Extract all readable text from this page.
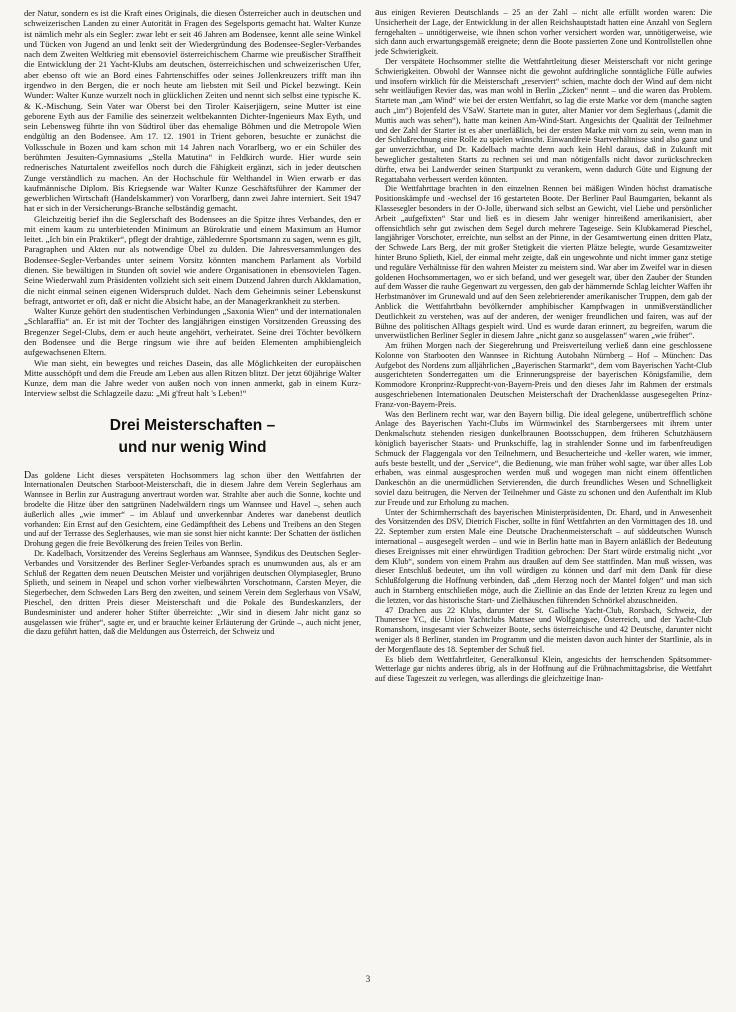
der Natur, sondern es ist die Kraft eines Originals, die diesen Österreicher auch in deutschen und schweizerischen Landen zu einer Autorität in Fragen des Segelsports gemacht hat. Walter Kunze ist nämlich mehr als ein Segler: zwar lebt er seit 46 Jahren am Bodensee, kennt alle seine Winkel und Tücken von Jugend an und lenkt seit der Wiedergründung des Bodensee-Segler-Verbandes nach dem Zweiten Weltkrieg mit ebensoviel österreichischem Charme wie preußischer Straffheit die Entwicklung der 21 Yacht-Klubs am deutschen, österreichischen und schweizerischen Ufer, aber ebenso oft wie an Bord eines Fahrtenschiffes oder seines Jollenkreuzers trifft man ihn irgendwo in den Bergen, die er noch heute am liebsten mit Seil und Pickel bezwingt. Kein Wunder: Walter Kunze wurzelt noch in glücklichen Zeiten und nennt sich selbst eine typische K. & K.-Mischung. Sein Vater war Oberst bei den Tiroler Kaiserjägern, seine Mutter ist eine geborene Eyth aus der Familie des seinerzeit weltbekannten Dichter-Ingenieurs Max Eyth, und sein Lebensweg führte ihn von Südtirol über das ehemalige Böhmen und die Metropole Wien endgültig an den Bodensee. Am 17. 12. 1901 in Trient geboren, besuchte er zunächst die Volksschule in Bozen und kam schon mit 14 Jahren nach Vorarlberg, wo er ein Schüler des berühmten Jesuiten-Gymnasiums „Stella Matutina“ in Feldkirch wurde. Hier wurde sein rednerisches Naturtalent zweifellos noch durch die Fähigkeit ergänzt, sich in jeder deutschen Zunge verständlich zu machen. An der Hochschule für Welthandel in Wien erwarb er das kaufmännische Diplom. Bis Kriegsende war Walter Kunze Geschäftsführer der Kammer der gewerblichen Wirtschaft (Handelskammer) von Vorarlberg, dann zwei Jahre interniert. Seit 1947 hat er sich in der Versicherungs-Branche selbständig gemacht.

Gleichzeitig berief ihn die Seglerschaft des Bodensees an die Spitze ihres Verbandes, den er mit einem kaum zu unterbietenden Minimum an Bürokratie und einem Maximum an Humor leitet. „Ich bin ein Praktiker“, pflegt der drahtige, zähledernre Sportsmann zu sagen, wenn es gilt, Paragraphen und Akten nur als notwendige Übel zu dulden. Die Jahresversammlungen des Bodensee-Segler-Verbandes unter seinem Vorsitz könnten manchem Parlament als Vorbild dienen. Sie bewältigen in Stunden oft soviel wie andere Organisationen in ebensovielen Tagen. Seine Wiederwahl zum Präsidenten vollzieht sich seit einem Dutzend Jahren durch Akklamation, die nicht einmal seinen eigenen Widerspruch duldet. Nach dem Geheimnis seiner Lebenskunst befragt, antwortet er oft, daß er nicht die Absicht habe, an der Managerkrankheit zu sterben.

Walter Kunze gehört den studentischen Verbindungen „Saxonia Wien“ und der internationalen „Schlaraffia“ an. Er ist mit der Tochter des langjährigen einstigen Vorsitzenden Greussing des Bregenzer Segel-Clubs, dem er auch heute angehört, verheiratet. Seine drei Töchter bevölkern den Bodensee und die Berge ringsum wie ihre auf beiden Elementen amphibiengleich aufgewachsenen Eltern.

Wie man sieht, ein bewegtes und reiches Dasein, das alle Möglichkeiten der europäischen Mitte ausschöpft und dem die Freude am Leben aus allen Ritzen blitzt. Der jetzt 60jährige Walter Kunze, dem man die Jahre weder von außen noch von innen anmerkt, gab in einem Kurz-Interview selbst die Schlagzeile dazu: „Mi g'freut halt 's Leben!“

Drei Meisterschaften –
und nur wenig Wind

Das goldene Licht dieses verspäteten Hochsommers lag schon über den Wettfahrten der Internationalen Deutschen Starboot-Meisterschaft, die in diesem Jahre dem Verein Seglerhaus am Wannsee in Berlin zur Austragung anvertraut worden war. Strahlte aber auch die Sonne, kochte und brodelte die Hitze über den sattgrünen Nadelwäldern rings um Wannsee und Havel –, sehen auch äußerlich alles „wie immer“ – im Ablauf und unverkennbar Anderes war danebenst deutlich vorhanden: Ein Ernst auf den Gesichtern, eine Gedämpftheit des Lebens und Treibens an den Stegen und auf der Terrasse des Seglerhauses, wie man sie sonst hier nicht kannte: Der Schatten der östlichen Drohung gegen die freie Bevölkerung des freien Teiles von Berlin.

Dr. Kadelbach, Vorsitzender des Vereins Seglerhaus am Wannsee, Syndikus des Deutschen Segler-Verbandes und Vorsitzender des Berliner Segler-Verbandes sprach es unumwunden aus, als er am Schluß der Regatten dem neuen Deutschen Meister und vorjährigen deutschen Olympiasegler, Bruno Splieth, und seinem in Neapel und schon vorher vielbewährten Vorschotmann, Carsten Meyer, die Siegerbecher, dem Schweden Lars Berg den zweiten, und seinem Verein dem Seglerhaus von VSaW, Pieschel, den dritten Preis dieser Meisterschaft und die Pokale des Bundeskanzlers, der Bundesminister und anderer hoher Stifter überreichte: „Wir sind in diesem Jahr nicht ganz so ausgelassen wie früher“, sagte er, und er brauchte keiner Erläuterung der Gründe –, auch nicht jener, die dazu geführt hatten, daß die Meldungen aus Österreich, der Schweiz und

aus einigen Revieren Deutschlands – 25 an der Zahl – nicht alle erfüllt worden waren: Die Unsicherheit der Lage, der Entwicklung in der allen Reichshauptstadt hatten eine Anzahl von Seglern ferngehalten – unnötigerweise, wie ihnen schon vorher versichert worden war, unnötigerweise, wie sich dann auch erwartungsgemäß ereignete; denn die Boote passierten Zone und Kontrollstellen ohne jede Schwierigkeit.

Der verspätete Hochsommer stellte die Wettfahrtleitung dieser Meisterschaft vor nicht geringe Schwierigkeiten. Obwohl der Wannsee nicht die gewohnt aufdringliche sonntägliche Fülle aufwies und insofern wirklich für die Meisterschaft „reserviert“ schien, machte doch der Wind auf dem nicht sehr weitläufigen Revier das, was man wohl in Berlin „Zicken“ nennt – und die waren das Problem. Startete man „am Wind“ wie bei der ersten Wettfahrt, so lag die erste Marke vor dem (manche sagten auch „im“) Bojenfeld des VSaW. Startete man in guter, alter Manier vor dem Seglerhaus („damit die Muttis auch was sehen“), hatte man keinen Am-Wind-Start. Angesichts der Qualität der Teilnehmer und der Zahl der Starter ist es aber unerläßlich, bei der ersten Marke mit vorn zu sein, wenn man in der Schlußrechnung eine Rolle zu spielen wünscht. Einwandfreie Startverhältnisse sind also ganz und gar unverzichtbar, und Dr. Kadelbach machte denn auch kein Hehl daraus, daß in Zukunft mit beweglicher gestalteten Starts zu rechnen sei und man nötigenfalls nicht davor zurückschrecken dürfte, etwa bei Landwerder seinen Startpunkt zu verankern, wenn dadurch Güte und Eignung der Regattabahn verbessert werden könnten.

Die Wettfahrttage brachten in den einzelnen Rennen bei mäßigen Winden höchst dramatische Positionskämpfe und -wechsel der 16 gestarteten Boote. Der Berliner Paul Baumgarten, bekannt als Klassesegler besonders in der O-Jolle, überwand sich selbst an Gewicht, viel Liebe und persönlicher Arbeit „aufgefixten“ Star und ließ es in diesem Jahr weniger hinreißend amerikanisiert, aber offensichtlich sehr gut zwischen dem Segel durch mehrere Tageseige. Sein Klubkamerad Pieschel, langjähriger Vorschoter, erreichte, nun selbst an der Pinne, in der Gesamtwertung einen dritten Platz, der Schwede Lars Berg, der mit großer Stetigkeit die vierten Plätze belegte, wurde Gesamtzweiter hinter Bruno Splieth, Kiel, der einmal mehr zeigte, daß ein ungewohnte und nicht immer ganz stetige und reguläre Verhältnisse für den wahren Meister zu meistern sind. War aber im Zweifel war in diesen goldenen Hochsommertagen, wo er sich befand, und wer gesegelt war, über den Zauber der Stunden auf dem Wasser die rauhe Gegenwart zu vergessen, den gab der hämmernde Schlag leichter Waffen ihr Herbstmanöver im Grunewald und auf den Seen zelebrierender amerikanischer Truppen, dem gab der Anblick die Wettfahrtbahn bevölkernder amphibischer Kampfwagen in unmißverständlicher Deutlichkeit zu verstehen, was auf der anderen, der weniger freundlichen und fairen, was auf der Bühne des politischen Alltags gespielt wird. Und es wurde daran erinnert, zu begreifen, warum die unverwüstlichen Berliner Segler in diesem Jahre „nicht ganz so ausgelassen“ waren „wie früher“.

Am frühen Morgen nach der Siegerehrung und Preisverteilung verließ dann eine geschlossene Kolonne von Starbooten den Wannsee in Richtung Autobahn Nürnberg – Hof – München: Das Aufgebot des Nordens zum alljährlichen „Bayerischen Starmarkt“, dem vom Bayerischen Yacht-Club ausgerichteten Sonderregatten um die Erinnerungspreise der bayerischen Königsfamilie, dem Kommodore Kronprinz-Rupprecht-von-Bayern-Preis und den dieses Jahr im Rahmen der erstmals ausgeschriebenen Internationalen Deutschen Meisterschaft der Drachenklasse ausgesegelten Prinz-Franz-von-Bayern-Preis.

Was den Berlinern recht war, war den Bayern billig. Die ideal gelegene, unübertrefflich schöne Anlage des Bayerischen Yacht-Clubs im Würmwinkel des Starnbergersees mit ihrem unter Denkmalschutz stehenden riesigen dunkelbraunen Bootsschuppen, dem früheren Schutzhäusern königlich bayerischer Staats- und Prunkschiffe, lag in strahlender Sonne und im farbenfreudigen Schmuck der Flaggengala vor den Teilnehmern, und Besucherteiche und -keller waren, wie immer, aufs beste bestellt, und der „Service“, die Bedienung, wie man früher wohl sagte, war über alles Lob erhaben, was einmal ausgesprochen werden muß und wogegen man nicht einem öffentlichen Dankeschön an die unermüdlichen Servierenden, die durch freundliches Wesen und Schnelligkeit soviel dazu beitrugen, die Nerven der Teilnehmer und Gäste zu schonen und den Aufenthalt im Klub zur Freude und zur Erholung zu machen.

Unter der Schirmherrschaft des bayerischen Ministerpräsidenten, Dr. Ehard, und in Anwesenheit des Vorsitzenden des DSV, Dietrich Fischer, sollte in fünf Wettfahrten an den Vormittagen des 18. und 22. September zum ersten Male eine Deutsche Drachenmeisterschaft – auf süddeutschen Wunsch international – ausgesegelt werden – und wie in Berlin hatte man in Bayern anläßlich der Bedeutung dieses Ereignisses mit einer ehrwürdigen Tradition gebrochen: Der Start würde erstmalig nicht „vor dem Klub“, sondern von einem Prahm aus draußen auf dem See stattfinden. Man muß wissen, was dieser Entschluß bedeutet, um ihn voll würdigen zu können und darf mit dem Dank für diese Schlußfolgerung die Hoffnung verbinden, daß „dem Herzog noch der Mantel folgen“ und man sich auch in Starnberg entschließen möge, auch die Ziellinie an das Ende der letzten Kreuz zu legen und die letzten, vor das historische Start- und Zielhäuschen führenden Schnörkel abzuschneiden.

47 Drachen aus 22 Klubs, darunter der St. Gallische Yacht-Club, Rorsbach, Schweiz, der Thunersee YC, die Union Yachtclubs Mattsee und Wolfgangsee, Österreich, und der Yacht-Club Romanshorn, insgesamt vier Schweizer Boote, sechs österreichische und 42 Deutsche, darunter nicht weniger als 8 Berliner, standen im Programm und die meisten davon auch hinter der Startlinie, als in der Morgenflaute des 18. September der Schuß fiel.

Es blieb dem Wettfahrtleiter, Generalkonsul Klein, angesichts der herrschenden Spätsommer-Wetterlage gar nichts anderes übrig, als in der Hoffnung auf die Frühnachmittagsbrise, die Wettfahrt auf diese Tageszeit zu verlegen, was allerdings die gleichzeitige Inan-

3
